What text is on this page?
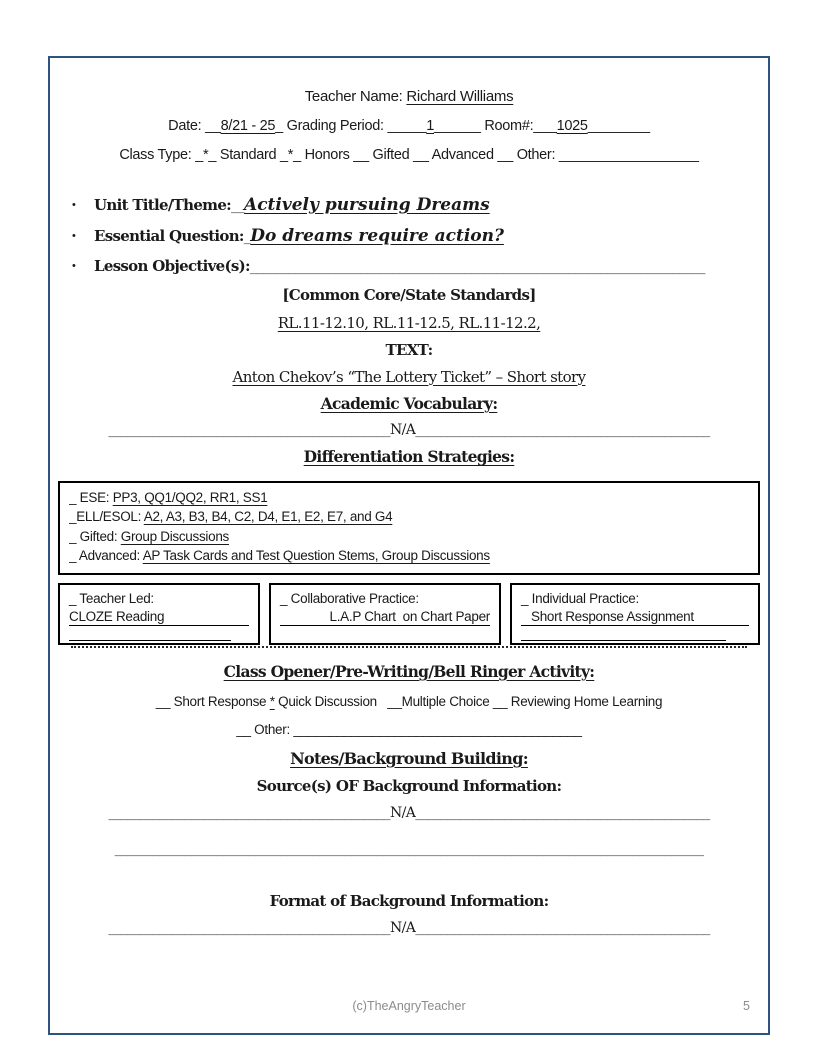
Teacher Name: Richard Williams
Date: __8/21 - 25_ Grading Period: _____1______ Room#:___1025________
Class Type: _*_ Standard _*_ Honors __ Gifted __ Advanced __ Other: __________________
• Unit Title/Theme:__Actively pursuing Dreams
• Essential Question:_Do dreams require action?
• Lesson Objective(s):______________________________________________________________________
[Common Core/State Standards]
RL.11-12.10, RL.11-12.5, RL.11-12.2,
TEXT:
Anton Chekov’s “The Lottery Ticket” – Short story
Academic Vocabulary:
____________________________________________N/A______________________________________________
Differentiation Strategies:
_ ESE: PP3, QQ1/QQ2, RR1, SS1
_ELL/ESOL: A2, A3, B3, B4, C2, D4, E1, E2, E7, and G4
_ Gifted: Group Discussions
_ Advanced: AP Task Cards and Test Question Stems, Group Discussions
_ Teacher Led:
CLOZE Reading
_ Collaborative Practice:
L.A.P Chart  on Chart Paper
_ Individual Practice:
Short Response Assignment
Class Opener/Pre-Writing/Bell Ringer Activity:
__ Short Response * Quick Discussion   __Multiple Choice __ Reviewing Home Learning
__ Other: ________________________________________
Notes/Background Building:
Source(s) OF Background Information:
____________________________________________N/A______________________________________________
____________________________________________________________________________________________
Format of Background Information:
____________________________________________N/A______________________________________________
(c)TheAngryTeacher	5
